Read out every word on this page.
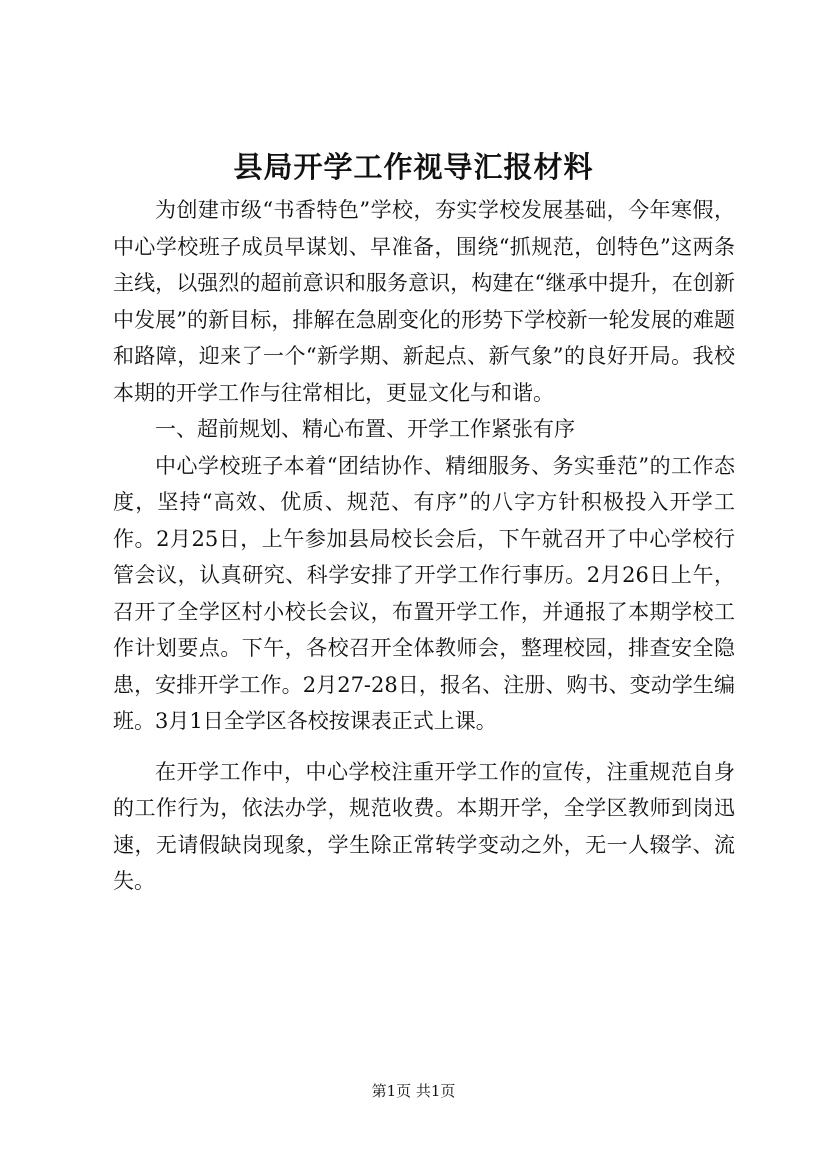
县局开学工作视导汇报材料

为创建市级“书香特色”学校，夯实学校发展基础，今年寒假，中心学校班子成员早谋划、早准备，围绕“抓规范，创特色”这两条主线，以强烈的超前意识和服务意识，构建在“继承中提升，在创新中发展”的新目标，排解在急剧变化的形势下学校新一轮发展的难题和路障，迎来了一个“新学期、新起点、新气象”的良好开局。我校本期的开学工作与往常相比，更显文化与和谐。

一、超前规划、精心布置、开学工作紧张有序

中心学校班子本着“团结协作、精细服务、务实垂范”的工作态度，坚持“高效、优质、规范、有序”的八字方针积极投入开学工作。2月25日，上午参加县局校长会后，下午就召开了中心学校行管会议，认真研究、科学安排了开学工作行事历。2月26日上午，召开了全学区村小校长会议，布置开学工作，并通报了本期学校工作计划要点。下午，各校召开全体教师会，整理校园，排查安全隐患，安排开学工作。2月27-28日，报名、注册、购书、变动学生编班。3月1日全学区各校按课表正式上课。

在开学工作中，中心学校注重开学工作的宣传，注重规范自身的工作行为，依法办学，规范收费。本期开学，全学区教师到岗迅速，无请假缺岗现象，学生除正常转学变动之外，无一人辍学、流失。

第1页 共1页
